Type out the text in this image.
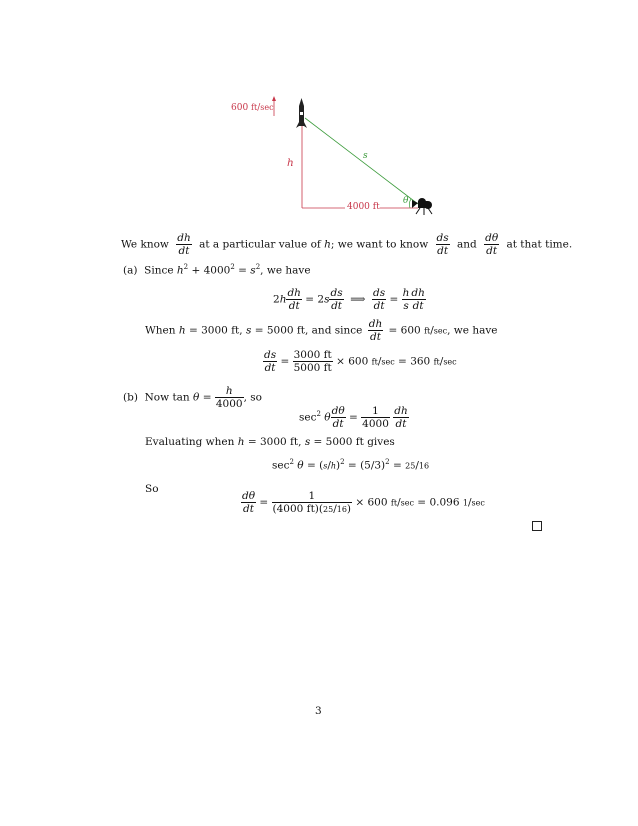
600 ft/sec
h
s
4000 ft
θ
We know $\frac{dh}{dt}$ at a particular value of h; we want to know $\frac{ds}{dt}$ and $\frac{d\theta}{dt}$ at that time.
(a) Since $h^2 + 4000^2 = s^2$, we have
$2h \frac{dh}{dt} = 2s \frac{ds}{dt}$ ⟹ $\frac{ds}{dt} = \frac{h}{s} \frac{dh}{dt}$
When h = 3000 ft, s = 5000 ft, and since $\frac{dh}{dt} = 600$ ft/sec, we have
$\frac{ds}{dt} = \frac{3000 ft}{5000 ft} \times 600$ ft/sec = 360 ft/sec
(b) Now $\tan \theta = \frac{h}{4000}$ , so
$\sec^2 \theta \frac{d\theta}{dt} = \frac{1}{4000}$
$\frac{dh}{dt}$
Evaluating when h = 3000 ft, s = 5000 ft gives
$\sec^2 \theta = (s/h)^2 = (5/3)^2 = 25/16$
So
$\frac{d\theta}{dt} = \frac{1}{(4000 ft)(25/16)} \times 600$ ft/sec = 0.096 1/sec
3
